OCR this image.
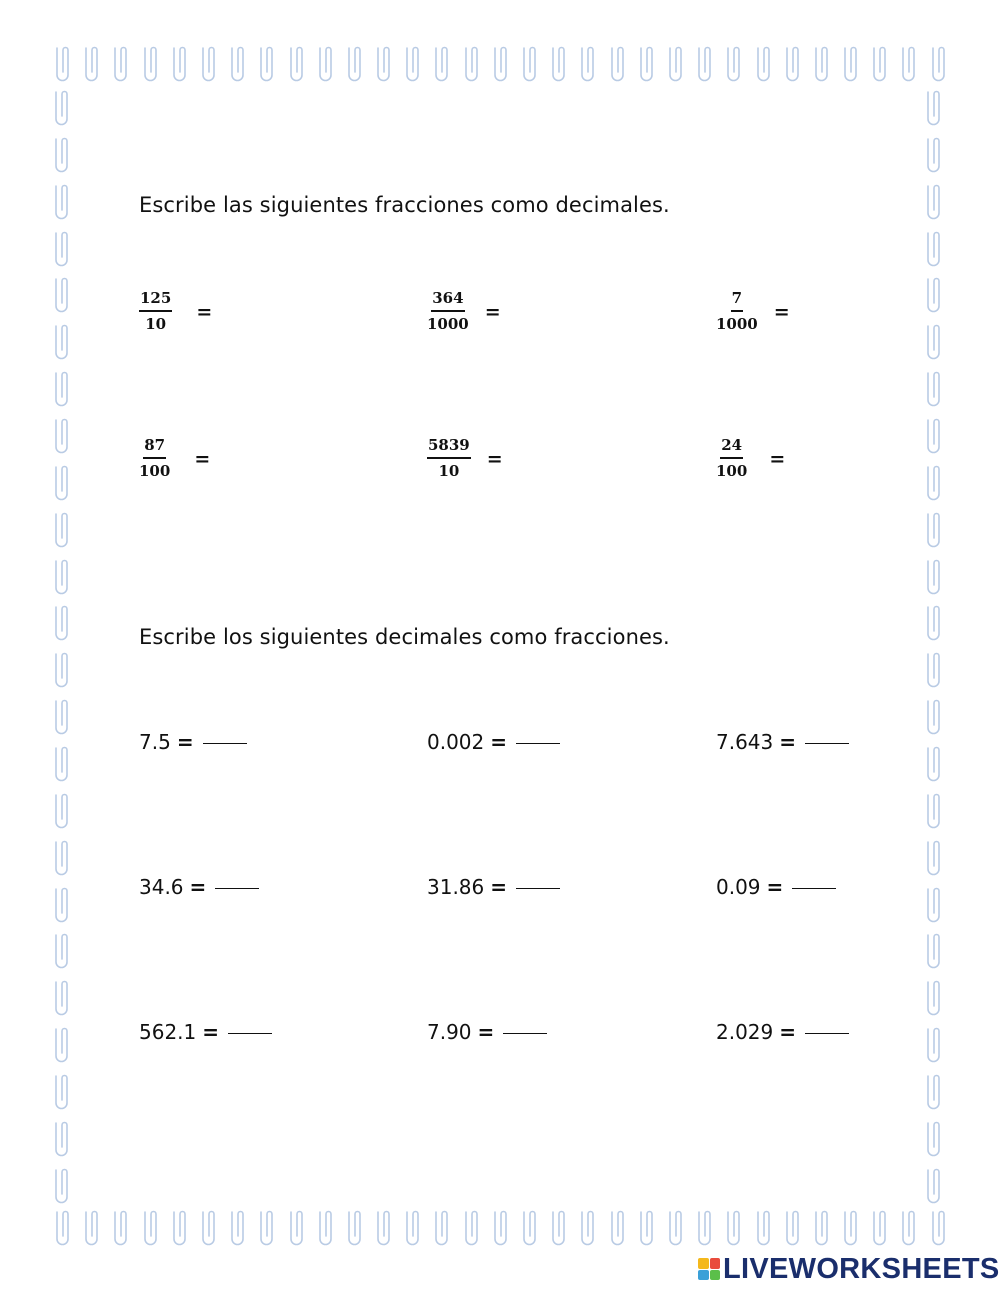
Escribe las siguientes fracciones como decimales.
$\frac{125}{10}$ =	$\frac{364}{1000}$ =	$\frac{7}{1000}$ =
$\frac{87}{100}$ =	$\frac{5839}{10}$ =	$\frac{24}{100}$ =
Escribe los siguientes decimales como fracciones.
7.5 =	0.002 =	7.643 =
34.6 =	31.86 =	0.09 =
562.1 =	7.90 =	2.029 =
LIVEWORKSHEETS
